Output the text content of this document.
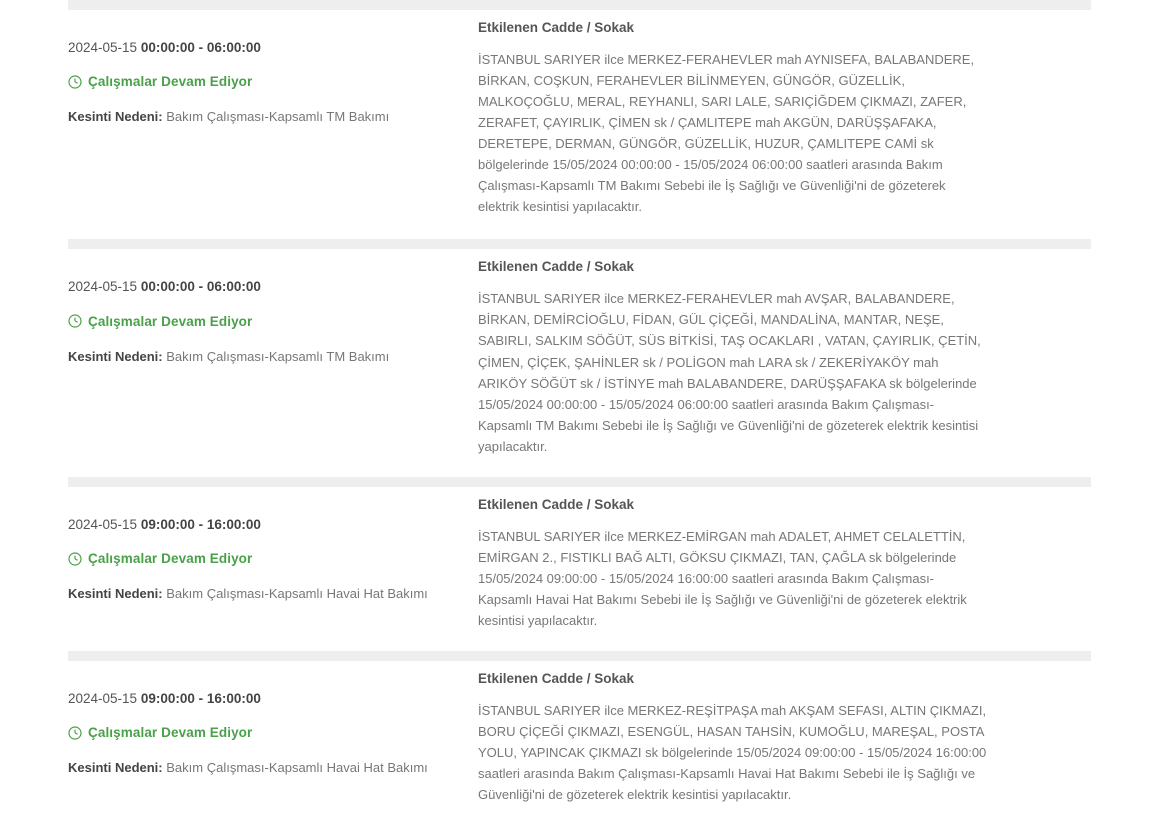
2024-05-15 00:00:00 - 06:00:00
Çalışmalar Devam Ediyor
Kesinti Nedeni: Bakım Çalışması-Kapsamlı TM Bakımı
Etkilenen Cadde / Sokak
İSTANBUL SARIYER ilce MERKEZ-FERAHEVLER mah AYNISEFA, BALABANDERE, BİRKAN, COŞKUN, FERAHEVLER BİLİNMEYEN, GÜNGÖR, GÜZELLİK, MALKOÇOĞLU, MERAL, REYHANLI, SARI LALE, SARIÇİĞDEM ÇIKMAZI, ZAFER, ZERAFET, ÇAYIRLIK, ÇİMEN sk / ÇAMLITEPE mah AKGÜN, DARÜŞŞAFAKA, DERETEPE, DERMAN, GÜNGÖR, GÜZELLİK, HUZUR, ÇAMLITEPE CAMİ sk bölgelerinde 15/05/2024 00:00:00 - 15/05/2024 06:00:00 saatleri arasında Bakım Çalışması-Kapsamlı TM Bakımı Sebebi ile İş Sağlığı ve Güvenliği'ni de gözeterek elektrik kesintisi yapılacaktır.
2024-05-15 00:00:00 - 06:00:00
Çalışmalar Devam Ediyor
Kesinti Nedeni: Bakım Çalışması-Kapsamlı TM Bakımı
Etkilenen Cadde / Sokak
İSTANBUL SARIYER ilce MERKEZ-FERAHEVLER mah AVŞAR, BALABANDERE, BİRKAN, DEMİRCİOĞLU, FİDAN, GÜL ÇİÇEĞİ, MANDALİNA, MANTAR, NEŞE, SABIRLI, SALKIM SÖĞÜT, SÜS BİTKİSİ, TAŞ OCAKLARI , VATAN, ÇAYIRLIK, ÇETİN, ÇİMEN, ÇİÇEK, ŞAHİNLER sk / POLİGON mah LARA sk / ZEKERİYAKÖY mah ARIKÖY SÖĞÜT sk / İSTİNYE mah BALABANDERE, DARÜŞŞAFAKA sk bölgelerinde 15/05/2024 00:00:00 - 15/05/2024 06:00:00 saatleri arasında Bakım Çalışması-Kapsamlı TM Bakımı Sebebi ile İş Sağlığı ve Güvenliği'ni de gözeterek elektrik kesintisi yapılacaktır.
2024-05-15 09:00:00 - 16:00:00
Çalışmalar Devam Ediyor
Kesinti Nedeni: Bakım Çalışması-Kapsamlı Havai Hat Bakımı
Etkilenen Cadde / Sokak
İSTANBUL SARIYER ilce MERKEZ-EMİRGAN mah ADALET, AHMET CELALETTİN, EMİRGAN 2., FISTIKLI BAĞ ALTI, GÖKSU ÇIKMAZI, TAN, ÇAĞLA sk bölgelerinde 15/05/2024 09:00:00 - 15/05/2024 16:00:00 saatleri arasında Bakım Çalışması-Kapsamlı Havai Hat Bakımı Sebebi ile İş Sağlığı ve Güvenliği'ni de gözeterek elektrik kesintisi yapılacaktır.
2024-05-15 09:00:00 - 16:00:00
Çalışmalar Devam Ediyor
Kesinti Nedeni: Bakım Çalışması-Kapsamlı Havai Hat Bakımı
Etkilenen Cadde / Sokak
İSTANBUL SARIYER ilce MERKEZ-REŞİTPAŞA mah AKŞAM SEFASI, ALTIN ÇIKMAZI, BORU ÇİÇEĞİ ÇIKMAZI, ESENGÜL, HASAN TAHSİN, KUMOĞLU, MAREŞAL, POSTA YOLU, YAPINCAK ÇIKMAZI sk bölgelerinde 15/05/2024 09:00:00 - 15/05/2024 16:00:00 saatleri arasında Bakım Çalışması-Kapsamlı Havai Hat Bakımı Sebebi ile İş Sağlığı ve Güvenliği'ni de gözeterek elektrik kesintisi yapılacaktır.
